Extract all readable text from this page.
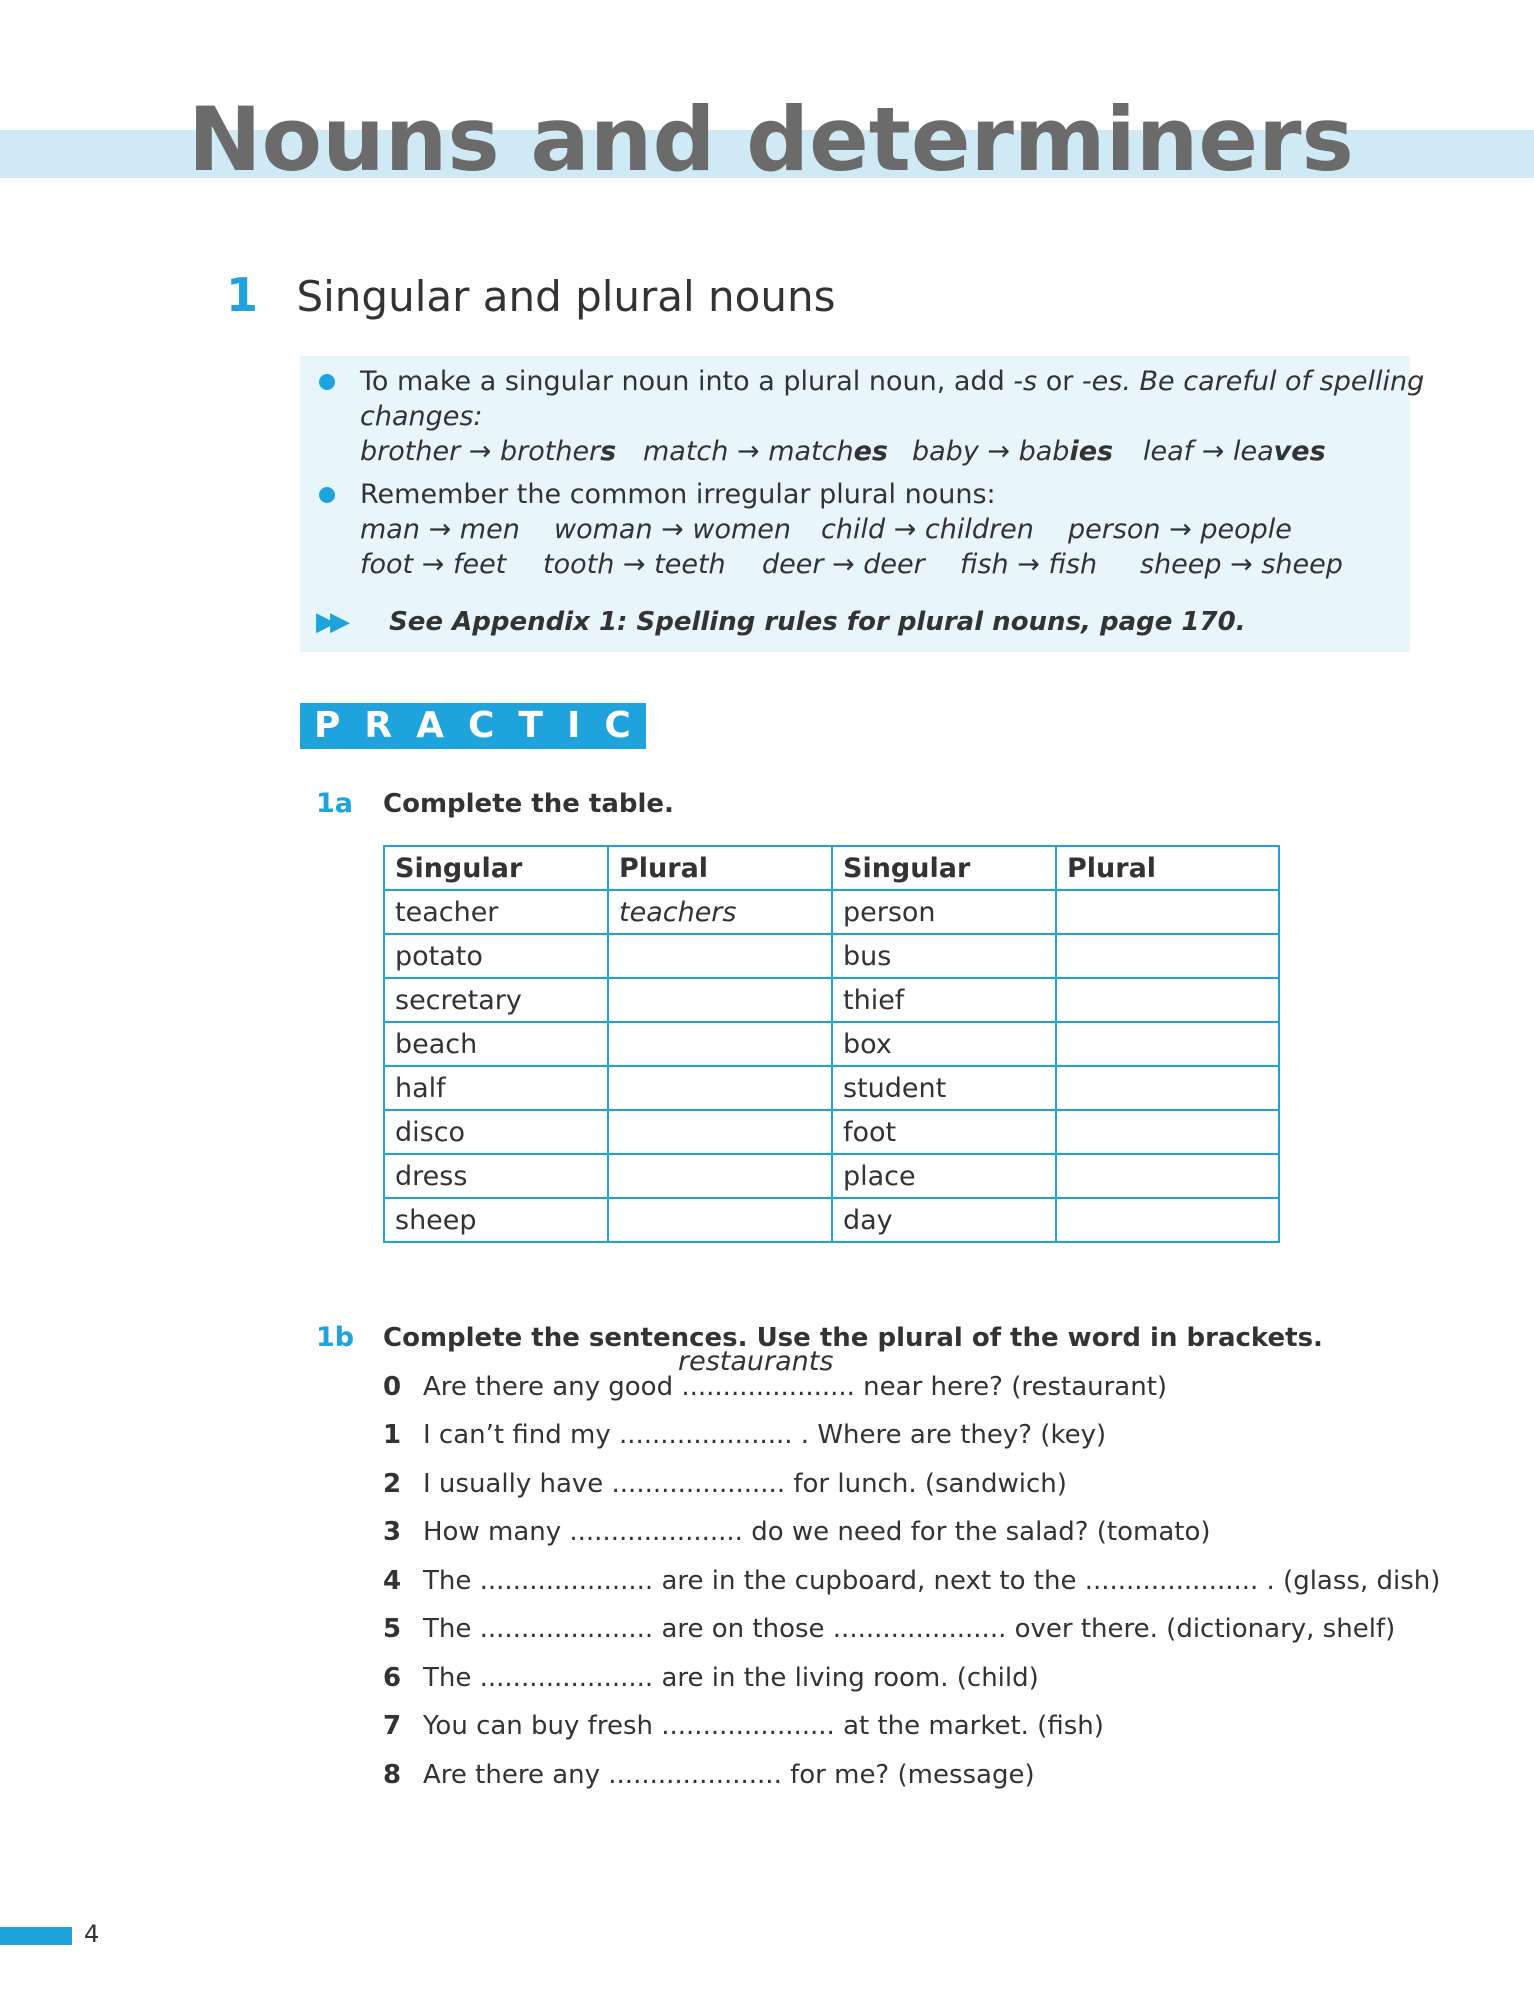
Nouns and determiners
1 Singular and plural nouns
To make a singular noun into a plural noun, add -s or -es. Be careful of spelling
changes:
brother → brothers match → matches baby → babies leaf → leaves
Remember the common irregular plural nouns:
man → men woman → women child → children person → people
foot → feet tooth → teeth deer → deer fish → fish sheep → sheep
▶▶ See Appendix 1: Spelling rules for plural nouns, page 170.
PRACTICE
1a Complete the table.
Singular	Plural	Singular	Plural
teacher	teachers	person	
potato		bus	
secretary		thief	
beach		box	
half		student	
disco		foot	
dress		place	
sheep		day	
1b Complete the sentences. Use the plural of the word in brackets.
0 Are there any good ..................... near here? (restaurant)
restaurants
1 I can’t find my ..................... . Where are they? (key)
2 I usually have ..................... for lunch. (sandwich)
3 How many ..................... do we need for the salad? (tomato)
4 The ..................... are in the cupboard, next to the ..................... . (glass, dish)
5 The ..................... are on those ..................... over there. (dictionary, shelf)
6 The ..................... are in the living room. (child)
7 You can buy fresh ..................... at the market. (fish)
8 Are there any ..................... for me? (message)
4
